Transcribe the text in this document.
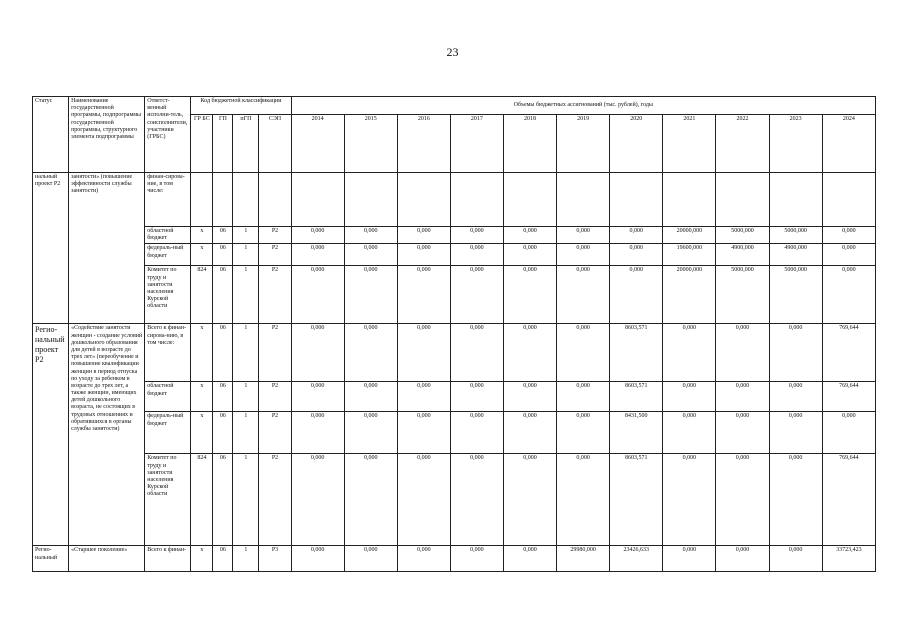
23
Статус	Наименование государственной программы, подпрограммы государственной программы, структурного элемента подпрограммы	Ответст-венный исполни-тель, соисполнители, участники (ГРБС)	Код бюджетной классификации				Объемы бюджетных ассигнований (тыс. рублей), годы										
			ГР БС	ГП	пГП	СЭП	2014	2015	2016	2017	2018	2019	2020	2021	2022	2023	2024
нальный проект Р2	занятости» (повышение эффективности службы занятости)	финан-сирова-ние, в том числе:															
		областной бюджет	х	06	1	Р2	0,000	0,000	0,000	0,000	0,000	0,000	0,000	20000,000	5000,000	5000,000	0,000
		федераль-ный бюджет	х	06	1	Р2	0,000	0,000	0,000	0,000	0,000	0,000	0,000	19600,000	4900,000	4900,000	0,000
		Комитет по труду и занятости населения Курской области	824	06	1	Р2	0,000	0,000	0,000	0,000	0,000	0,000	0,000	20000,000	5000,000	5000,000	0,000
Регио-нальный проект Р2	«Содействие занятости женщин - создание условий дошкольного образования для детей в возрасте до трех лет» (переобучение и повышение квалификации женщин в период отпуска по уходу за ребенком в возрасте до трех лет, а также женщин, имеющих детей дошкольного возраста, не состоящих в трудовых отношениях и обратившихся в органы службы занятости)	Всего к финан-сирова-нию, в том числе:	х	06	1	Р2	0,000	0,000	0,000	0,000	0,000	0,000	8603,571	0,000	0,000	0,000	769,644
		областной бюджет	х	06	1	Р2	0,000	0,000	0,000	0,000	0,000	0,000	8603,571	0,000	0,000	0,000	769,644
		федераль-ный бюджет	х	06	1	Р2	0,000	0,000	0,000	0,000	0,000	0,000	8431,500	0,000	0,000	0,000	0,000
		Комитет по труду и занятости населения Курской области	824	06	1	Р2	0,000	0,000	0,000	0,000	0,000	0,000	8603,571	0,000	0,000	0,000	769,644
Регио-нальный	«Старшее поколение»	Всего к финан-	х	06	1	Р3	0,000	0,000	0,000	0,000	0,000	29980,000	23426,633	0,000	0,000	0,000	33723,423
